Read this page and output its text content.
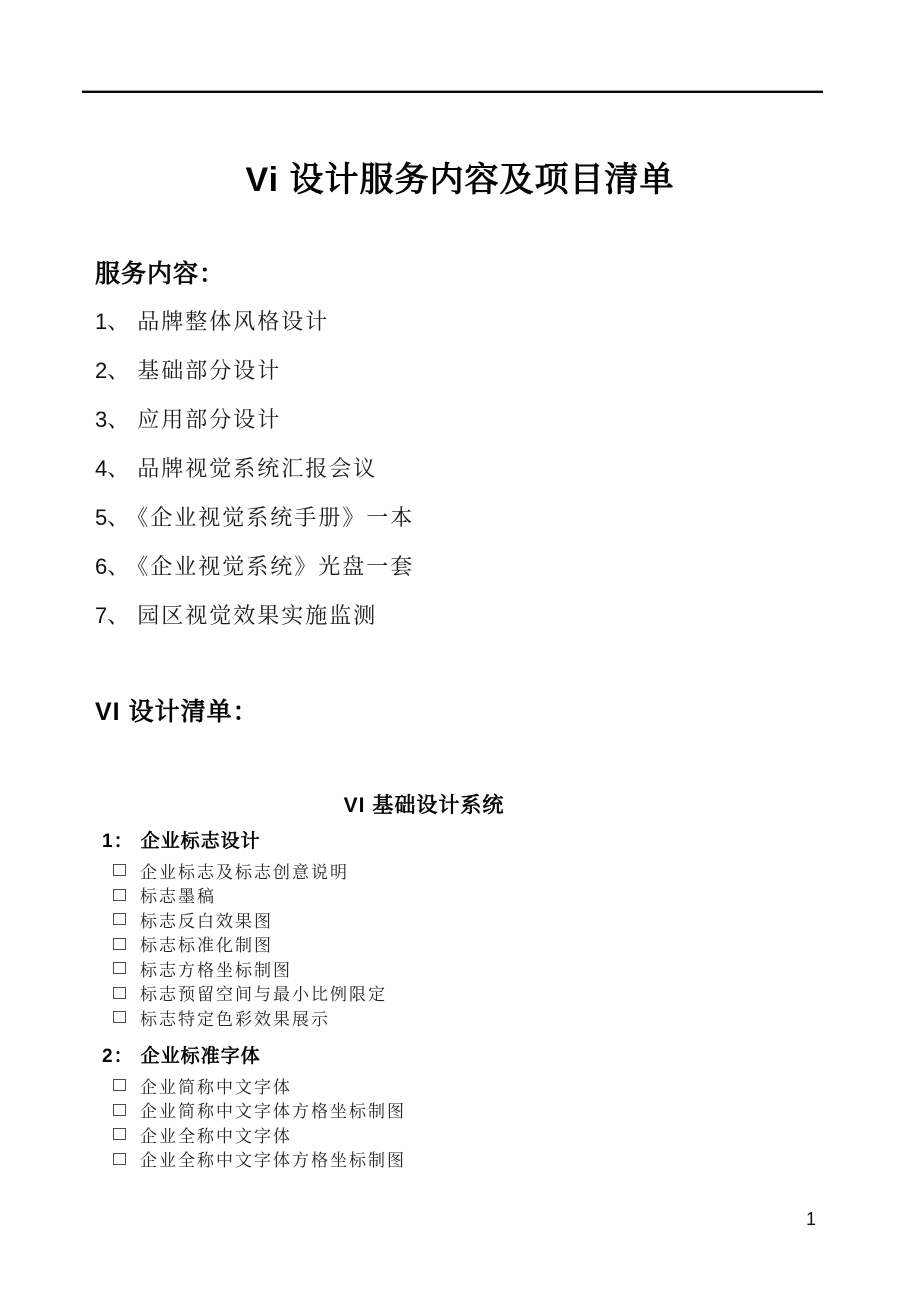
Vi 设计服务内容及项目清单
服务内容：
1、 品牌整体风格设计
2、 基础部分设计
3、 应用部分设计
4、 品牌视觉系统汇报会议
5、 《企业视觉系统手册》一本
6、 《企业视觉系统》光盘一套
7、 园区视觉效果实施监测
VI 设计清单：
VI 基础设计系统
1： 企业标志设计
企业标志及标志创意说明
标志墨稿
标志反白效果图
标志标准化制图
标志方格坐标制图
标志预留空间与最小比例限定
标志特定色彩效果展示
2： 企业标准字体
企业简称中文字体
企业简称中文字体方格坐标制图
企业全称中文字体
企业全称中文字体方格坐标制图
1
